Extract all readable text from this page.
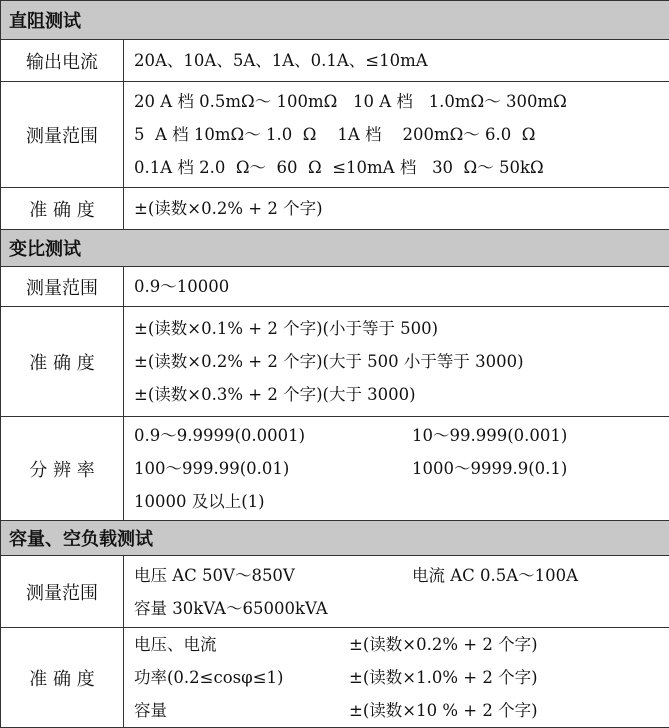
直阻测试	
输出电流	20A、10A、5A、1A、0.1A、≤10mA

测量范围	20 A 档 0.5mΩ～ 100mΩ   10 A 档   1.0mΩ～ 300mΩ
5  A 档 10mΩ～ 1.0  Ω    1A 档    200mΩ～ 6.0  Ω
0.1A 档 2.0  Ω～  60  Ω  ≤10mA 档   30  Ω～ 50kΩ

准 确 度	±(读数×0.2% + 2 个字)

变比测试	
测量范围	0.9～10000

准 确 度	±(读数×0.1% + 2 个字)(小于等于 500)
±(读数×0.2% + 2 个字)(大于 500 小于等于 3000)
±(读数×0.3% + 2 个字)(大于 3000)

分 辨 率	0.9～9.9999(0.0001) 10～99.999(0.001)
100～999.99(0.01) 1000～9999.9(0.1)
10000 及以上(1)

容量、空负载测试	
测量范围	电压 AC 50V～850V 电流 AC 0.5A～100A
容量 30kVA～65000kVA

准 确 度	电压、电流 ±(读数×0.2% + 2 个字)
功率(0.2≤cosφ≤1) ±(读数×1.0% + 2 个字)
容量 ±(读数×10 % + 2 个字)
